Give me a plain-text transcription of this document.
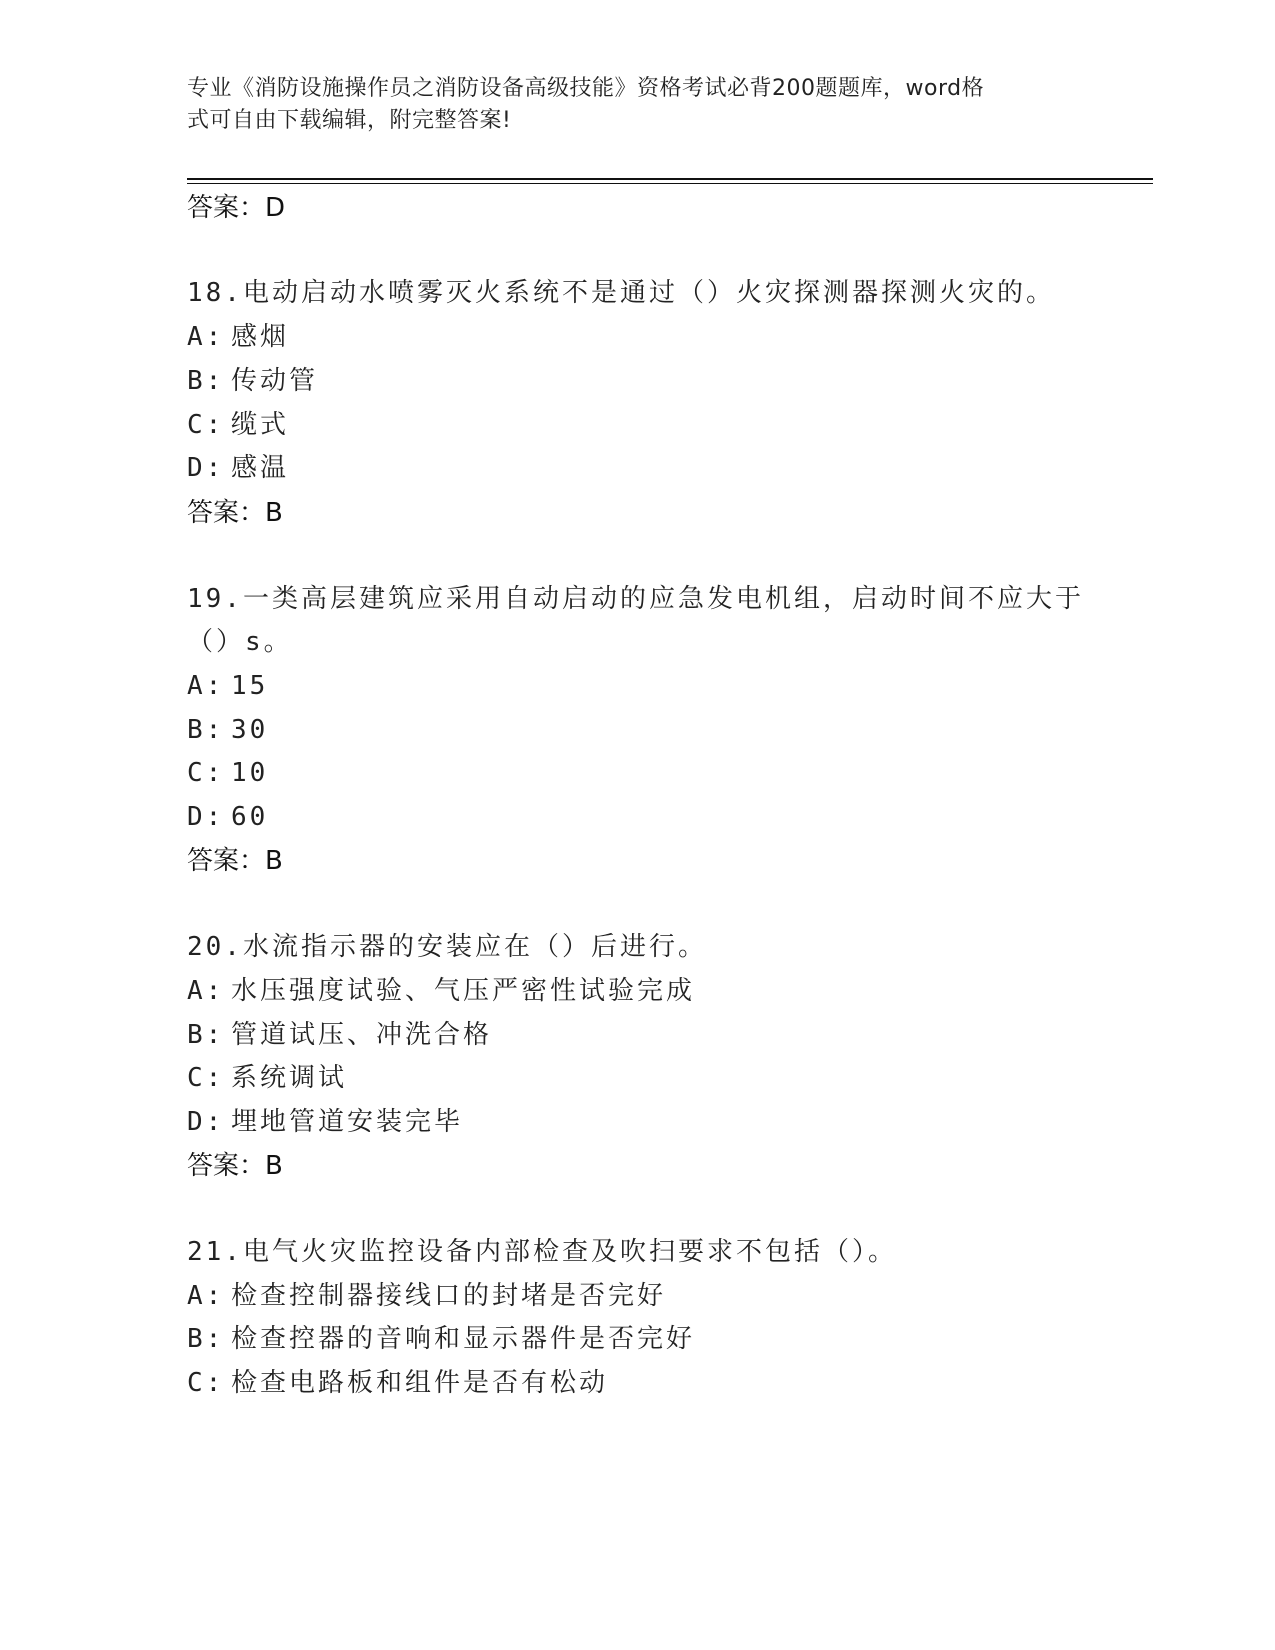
专业《消防设施操作员之消防设备高级技能》资格考试必背200题题库，word格
式可自由下载编辑，附完整答案!
答案：D
18.电动启动水喷雾灭火系统不是通过（）火灾探测器探测火灾的。
A: 感烟
B: 传动管
C: 缆式
D: 感温
答案：B
19.一类高层建筑应采用自动启动的应急发电机组，启动时间不应大于
（）s。
A: 15
B: 30
C: 10
D: 60
答案：B
20.水流指示器的安装应在（）后进行。
A: 水压强度试验、气压严密性试验完成
B: 管道试压、冲洗合格
C: 系统调试
D: 埋地管道安装完毕
答案：B
21.电气火灾监控设备内部检查及吹扫要求不包括（）。
A: 检查控制器接线口的封堵是否完好
B: 检查控器的音响和显示器件是否完好
C: 检查电路板和组件是否有松动
